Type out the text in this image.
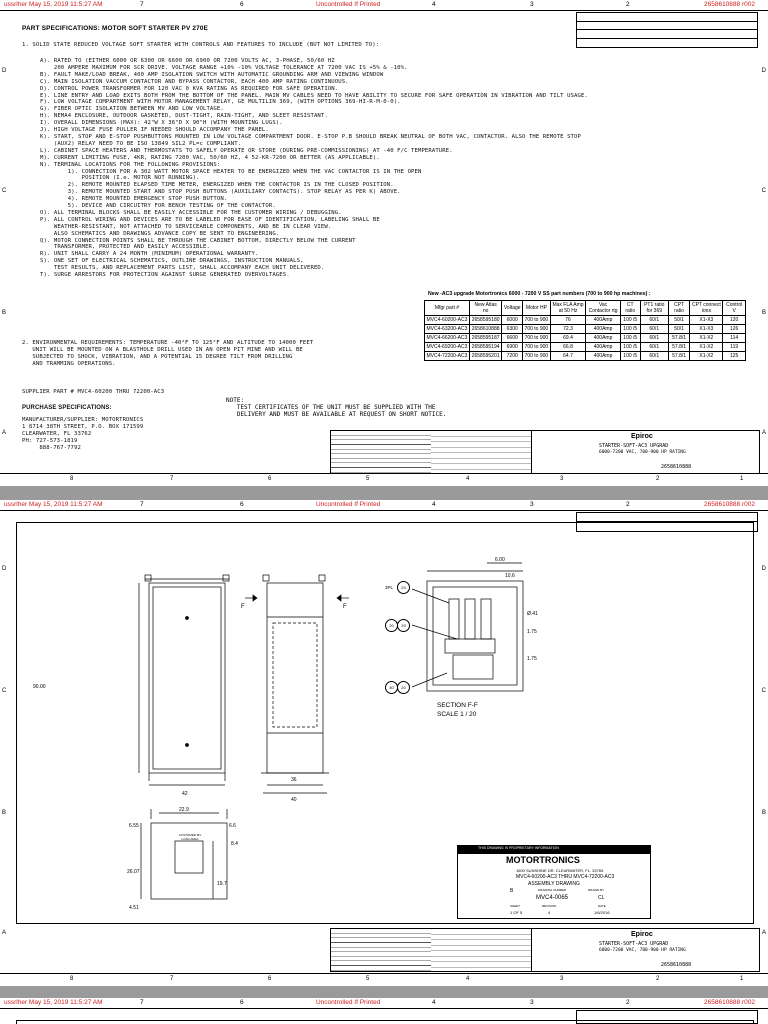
ussrlher May 15, 2019 11:5:27 AM	7	6	Uncontrolled If Printed	4	3	2	2658610888 r002
D
C
B
A
D
C
B
A
PART SPECIFICATIONS: MOTOR SOFT STARTER PV 270E
1. SOLID STATE REDUCED VOLTAGE SOFT STARTER WITH CONTROLS AND FEATURES TO INCLUDE (BUT NOT LIMITED TO):
A). RATED TO (EITHER 6000 OR 6300 OR 6600 OR 6900 OR 7200 VOLTS AC, 3-PHASE, 50/60 HZ
200 AMPERE MAXIMUM FOR SCR DRIVE. VOLTAGE RANGE +10% -10% VOLTAGE TOLERANCE AT 7200 VAC IS +5% & -10%.
B). FAULT MAKE/LOAD BREAK, 400 AMP ISOLATION SWITCH WITH AUTOMATIC GROUNDING ARM AND VIEWING WINDOW
C). MAIN ISOLATION VACCUM CONTACTOR AND BYPASS CONTACTOR, EACH 400 AMP RATING CONTINUOUS.
D). CONTROL POWER TRANSFORMER FOR 120 VAC 0 KVA RATING AS REQUIRED FOR SAFE OPERATION.
E). LINE ENTRY AND LOAD EXITS BOTH FROM THE BOTTOM OF THE PANEL. MAIN MV CABLES NEED TO HAVE ABILITY TO SECURE FOR SAFE OPERATION IN VIBRATION AND TILT USAGE.
F). LOW VOLTAGE COMPARTMENT WITH MOTOR MANAGEMENT RELAY, GE MULTILIN 369, (WITH OPTIONS 369-HI-R-M-0-0).
G). FIBER OPTIC ISOLATION BETWEEN MV AND LOW VOLTAGE.
H). NEMA4 ENCLOSURE, OUTDOOR GASKETED, DUST-TIGHT, RAIN-TIGHT, AND SLEET RESISTANT.
I). OVERALL DIMENSIONS (MAX): 42"W X 36"D X 90"H (WITH MOUNTING LUGS).
J). HIGH VOLTAGE FUSE PULLER IF NEEDED SHOULD ACCOMPANY THE PANEL.
K). START, STOP AND E-STOP PUSHBUTTONS MOUNTED IN LOW VOLTAGE COMPARTMENT DOOR. E-STOP P.B SHOULD BREAK NEUTRAL OF BOTH VAC, CONTACTOR. ALSO THE REMOTE STOP
(AUX2) RELAY NEED TO BE ISO 13849 SIL2 PL=c COMPLIANT.
L). CABINET SPACE HEATERS AND THERMOSTATS TO SAFELY OPERATE OR STORE (DURING PRE-COMMISSIONING) AT -40 F/C TEMPERATURE.
M). CURRENT LIMITING FUSE, 4KR, RATING 7200 VAC, 50/60 HZ, 4 52-KR-7200 OR BETTER (AS APPLICABLE).
N). TERMINAL LOCATIONS FOR THE FOLLOWING PROVISIONS:
1). CONNECTION FOR A 302 WATT MOTOR SPACE HEATER TO BE ENERGIZED WHEN THE VAC CONTACTOR IS IN THE OPEN
POSITION (I.e. MOTOR NOT RUNNING).
2). REMOTE MOUNTED ELAPSED TIME METER, ENERGIZED WHEN THE CONTACTOR IS IN THE CLOSED POSITION.
3). REMOTE MOUNTED START AND STOP PUSH BUTTONS (AUXILIARY CONTACTS). STOP RELAY AS PER K) ABOVE.
4). REMOTE MOUNTED EMERGENCY STOP PUSH BUTTON.
5). DEVICE AND CIRCUITRY FOR BENCH TESTING OF THE CONTACTOR.
O). ALL TERMINAL BLOCKS SHALL BE EASILY ACCESSIBLE FOR THE CUSTOMER WIRING / DEBUGGING.
P). ALL CONTROL WIRING AND DEVICES ARE TO BE LABELED FOR EASE OF IDENTIFICATION. LABELING SHALL BE
WEATHER-RESISTANT, NOT ATTACHED TO SERVICEABLE COMPONENTS, AND BE IN CLEAR VIEW.
ALSO SCHEMATICS AND DRAWINGS ADVANCE COPY BE SENT TO ENGINEERING.
Q). MOTOR CONNECTION POINTS SHALL BE THROUGH THE CABINET BOTTOM, DIRECTLY BELOW THE CURRENT
TRANSFORMER, PROTECTED AND EASILY ACCESSIBLE.
R). UNIT SHALL CARRY A 24 MONTH (MINIMUM) OPERATIONAL WARRANTY.
S). ONE SET OF ELECTRICAL SCHEMATICS, OUTLINE DRAWINGS, INSTRUCTION MANUALS,
TEST RESULTS, AND REPLACEMENT PARTS LIST, SHALL ACCOMPANY EACH UNIT DELIVERED.
T). SURGE ARRESTORS FOR PROTECTION AGAINST SURGE GENERATED OVERVOLTAGES.
2. ENVIRONMENTAL REQUIREMENTS: TEMPERATURE -40°F TO 125°F AND ALTITUDE TO 14000 FEET
UNIT WILL BE MOUNTED ON A BLASTHOLE DRILL USED IN AN OPEN PIT MINE AND WILL BE
SUBJECTED TO SHOCK, VIBRATION, AND A POTENTIAL 15 DEGREE TILT FROM DRILLING
AND TRAMMING OPERATIONS.
SUPPLIER PART # MVC4-60200 THRU 72200-AC3
PURCHASE SPECIFICATIONS:
MANUFACTURER/SUPPLIER: MOTORTRONICS
1 8714 38TH STREET, P.O. BOX 171599
CLEARWATER, FL 33762
PH: 727-573-1819
888-767-7792
NOTE:
TEST CERTIFICATES OF THE UNIT MUST BE SUPPLIED WITH THE
DELIVERY AND MUST BE AVAILABLE AT REQUEST ON SHORT NOTICE.
New -AC3 upgrade Motortronics 6000 - 7200 V SS part numbers (700 to 900 hp machines) :
Mfgr part #	New Atlas no	Voltage	Motor HP	Max FLA Amp at 50 Hz	Vac Contactor rtg	CT ratio	PT1 ratio for 369	CPT ratio	CPT connect ions	Control V
MVC4-60200-AC3	2658595180	6000	700 to 900	76	400Amp	100 /5	60/1	50/1	X1-X3	120
MVC4-63200-AC3	2658610888	6300	700 to 900	72.3	400Amp	100 /5	60/1	50/1	X1-X3	126
MVC4-66200-AC3	2658595187	6600	700 to 900	69.4	400Amp	100 /5	60/1	57.8/1	X1-X2	114
MVC4-69200-AC3	2658595194	6900	700 to 900	66.8	400Amp	100 /5	60/1	57.8/1	X1-X2	119
MVC4-72200-AC3	2658595201	7200	700 to 900	64.7	400Amp	100 /5	60/1	57.8/1	X1-X2	125
Epiroc
STARTER-SOFT-AC3 UPGRAD
6000-7200 VAC, 700-900 HP RATING
2658610888
8	7	6	5	4	3	2	1
ussrlher May 15, 2019 11:5:27 AM	7	6	Uncontrolled If Printed	4	3	2	2658610888 r002
D
C
B
A
D
C
B
A
90.00
42
36
40
F	F
6.00
10.6
Ø.41
1.75
1.75
SECTION F-F
SCALE 1 / 20
22.9
6.55	6.6
8.4
26.07
19.7
4.51
3PL	24
20	29
30	20
CUSTOMER MV LOAD AREA
THIS DRAWING IS PROPRIETARY INFORMATION
MOTORTRONICS
1600 SUNSHINE DR. CLEARWATER, FL. 33765
MVC4-60200-AC3 THRU MVC4-72200-AC3
ASSEMBLY DRAWING
DRAWING NUMBER
B	DRAWN BY
MVC4-0065	CL
SHEET
1 OF 5
REVISION
4
DATE
1/6/2016
Epiroc
STARTER-SOFT-AC3 UPGRAD
6000-7200 VAC, 700-900 HP RATING
2658610888
8	7	6	5	4	3	2	1
ussrlher May 15, 2019 11:5:27 AM	7	6	Uncontrolled If Printed	4	3	2	2658610888 r002
